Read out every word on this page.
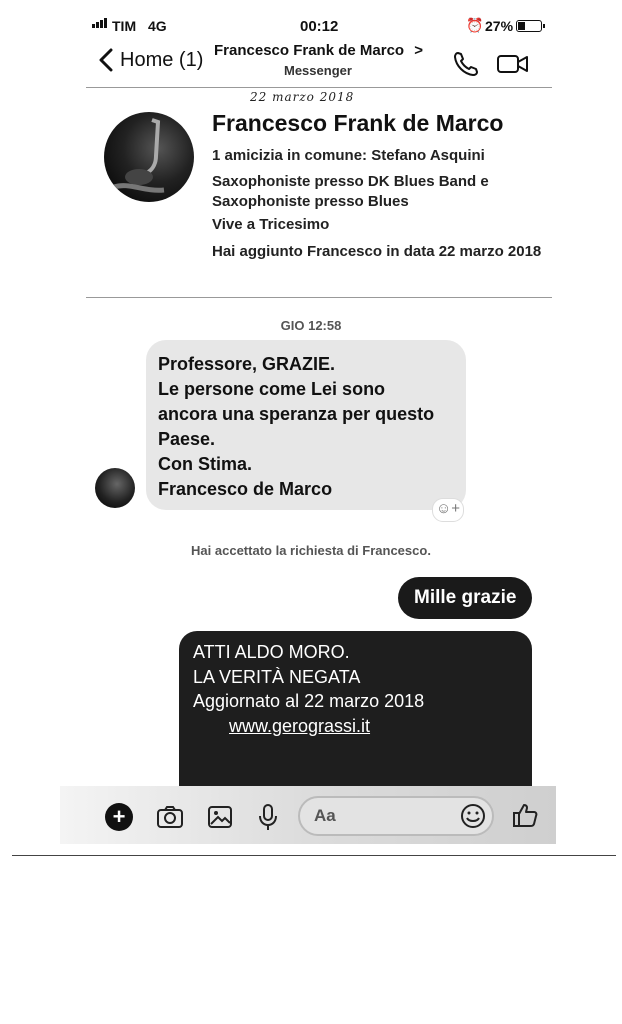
TIM 4G	00:12	⏰ 27%
Home (1) Francesco Frank de Marco >
Messenger
22 marzo 2018
Francesco Frank de Marco
1 amicizia in comune: Stefano Asquini
Saxophoniste presso DK Blues Band e Saxophoniste presso Blues
Vive a Tricesimo
Hai aggiunto Francesco in data 22 marzo 2018
GIO 12:58
Professore, GRAZIE.
Le persone come Lei sono
ancora una speranza per questo
Paese.
Con Stima.
Francesco de Marco
☺+
Hai accettato la richiesta di Francesco.
Mille grazie
ATTI ALDO MORO.
LA VERITÀ NEGATA
Aggiornato al 22 marzo 2018
www.gerograssi.it
+	Aa
